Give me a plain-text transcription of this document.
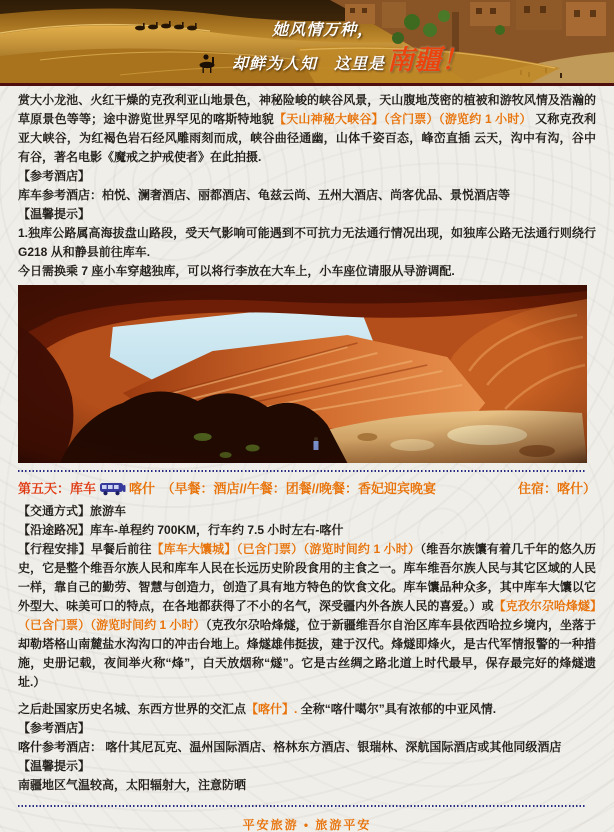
她风情万种，
却鲜为人知 　这里是 南疆！

赏大小龙池、火红干燥的克孜利亚山地景色，神秘险峻的峡谷风景，天山腹地茂密的植被和游牧风情及浩瀚的草原景色等等；途中游览世界罕见的喀斯特地貌【天山神秘大峡谷】（含门票）（游览约 1 小时） 又称克孜利亚大峡谷，为红褐色岩石经风雕雨刻而成，峡谷曲径通幽，山体千姿百态，峰峦直插 云天，沟中有沟，谷中有谷，著名电影《魔戒之护戒使者》在此拍摄.

【参考酒店】

库车参考酒店：柏悦、澜奢酒店、丽都酒店、龟兹云尚、五州大酒店、尚客优品、景悦酒店等

【温馨提示】

1.独库公路属高海拔盘山路段，受天气影响可能遇到不可抗力无法通行情况出现，如独库公路无法通行则绕行 G218 从和静县前往库车.

今日需换乘 7 座小车穿越独库，可以将行李放在大车上，小车座位请服从导游调配.

第五天：库车	喀什 　（早餐：酒店//午餐：团餐//晚餐：香妃迎宾晚宴	住宿：喀什）

【交通方式】旅游车

【沿途路况】库车-单程约 700KM，行车约 7.5 小时左右-喀什

【行程安排】早餐后前往【库车大馕城】（已含门票）（游览时间约 1 小时）（维吾尔族馕有着几千年的悠久历史，它是整个维吾尔族人民和库车人民在长远历史阶段食用的主食之一。库车维吾尔族人民与其它区域的人民一样，靠自己的勤劳、智慧与创造力，创造了具有地方特色的饮食文化。库车馕品种众多，其中库车大馕以它外型大、味美可口的特点，在各地都获得了不小的名气，深受疆内外各族人民的喜爱。）或【克孜尔尕哈烽燧】（已含门票）（游览时间约 1 小时）（克孜尔尕哈烽燧，位于新疆维吾尔自治区库车县依西哈拉乡境内，坐落于却勒塔格山南麓盐水沟沟口的冲击台地上。烽燧雄伟挺拔，建于汉代。烽燧即烽火，是古代军情报警的一种措施，史册记载，夜间举火称“烽”，白天放烟称“燧”。它是古丝绸之路北道上时代最早，保存最完好的烽燧遗址.）

之后赴国家历史名城、东西方世界的交汇点【喀什】. 全称“喀什噶尔”具有浓郁的中亚风情.

【参考酒店】

喀什参考酒店： 喀什其尼瓦克、温州国际酒店、格林东方酒店、银瑞林、深航国际酒店或其他同级酒店

【温馨提示】

南疆地区气温较高，太阳辐射大，注意防晒

平安旅游 • 旅游平安
